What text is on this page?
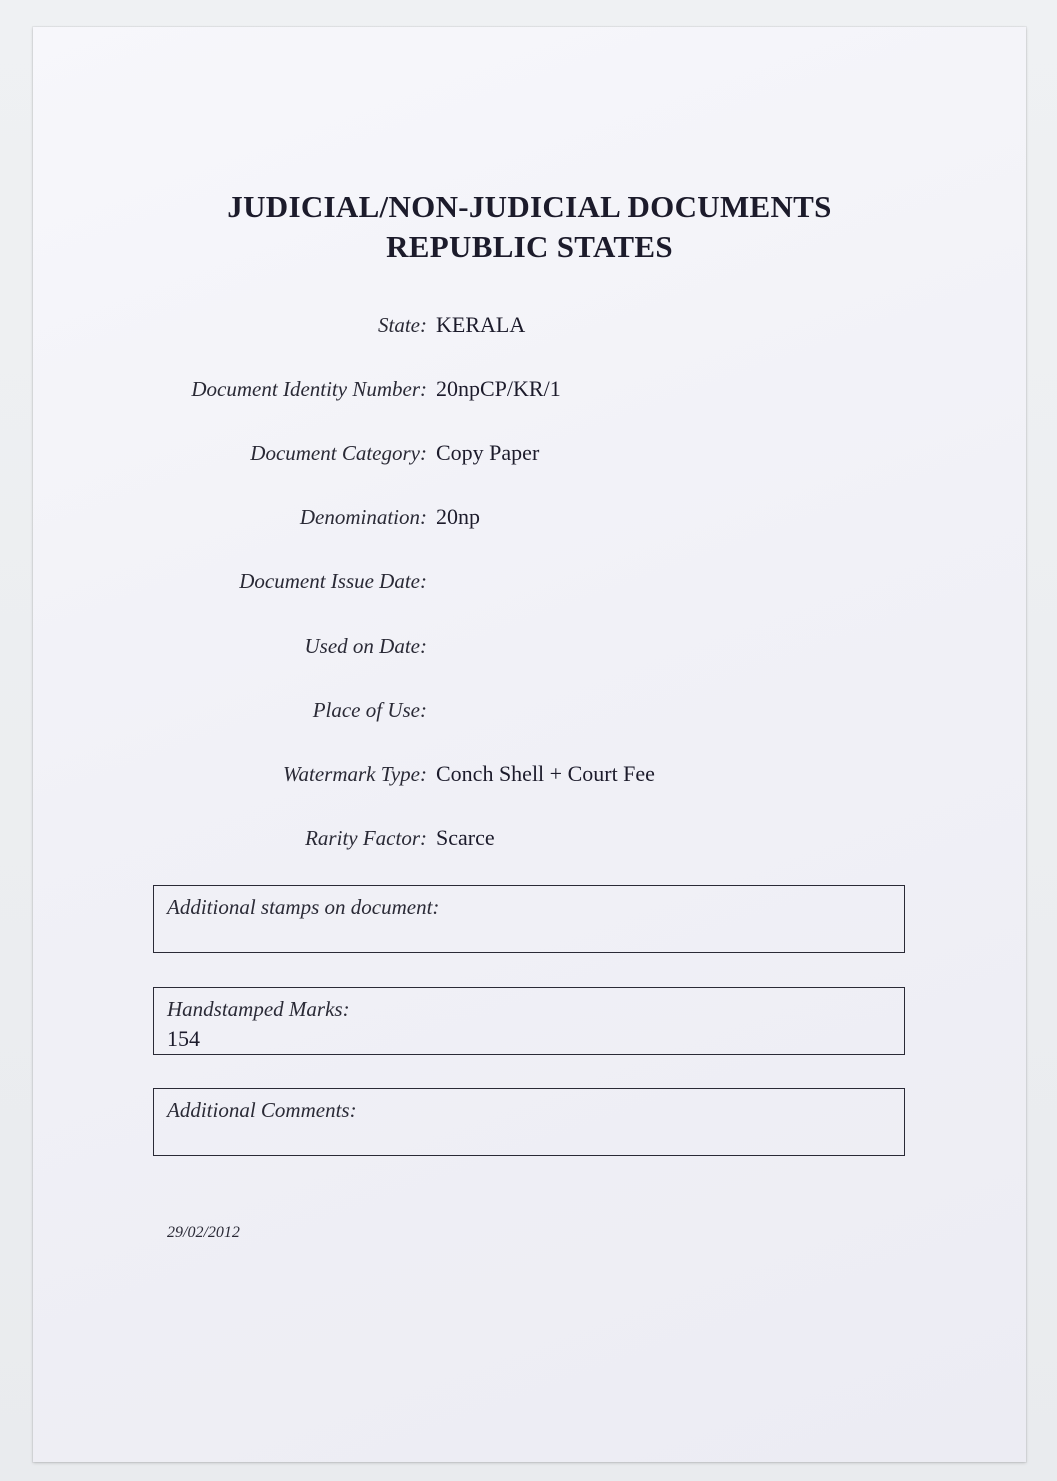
JUDICIAL/NON-JUDICIAL DOCUMENTS
REPUBLIC STATES
State: KERALA
Document Identity Number: 20npCP/KR/1
Document Category: Copy Paper
Denomination: 20np
Document Issue Date:
Used on Date:
Place of Use:
Watermark Type: Conch Shell + Court Fee
Rarity Factor: Scarce
Additional stamps on document:
Handstamped Marks:
154
Additional Comments:
29/02/2012
